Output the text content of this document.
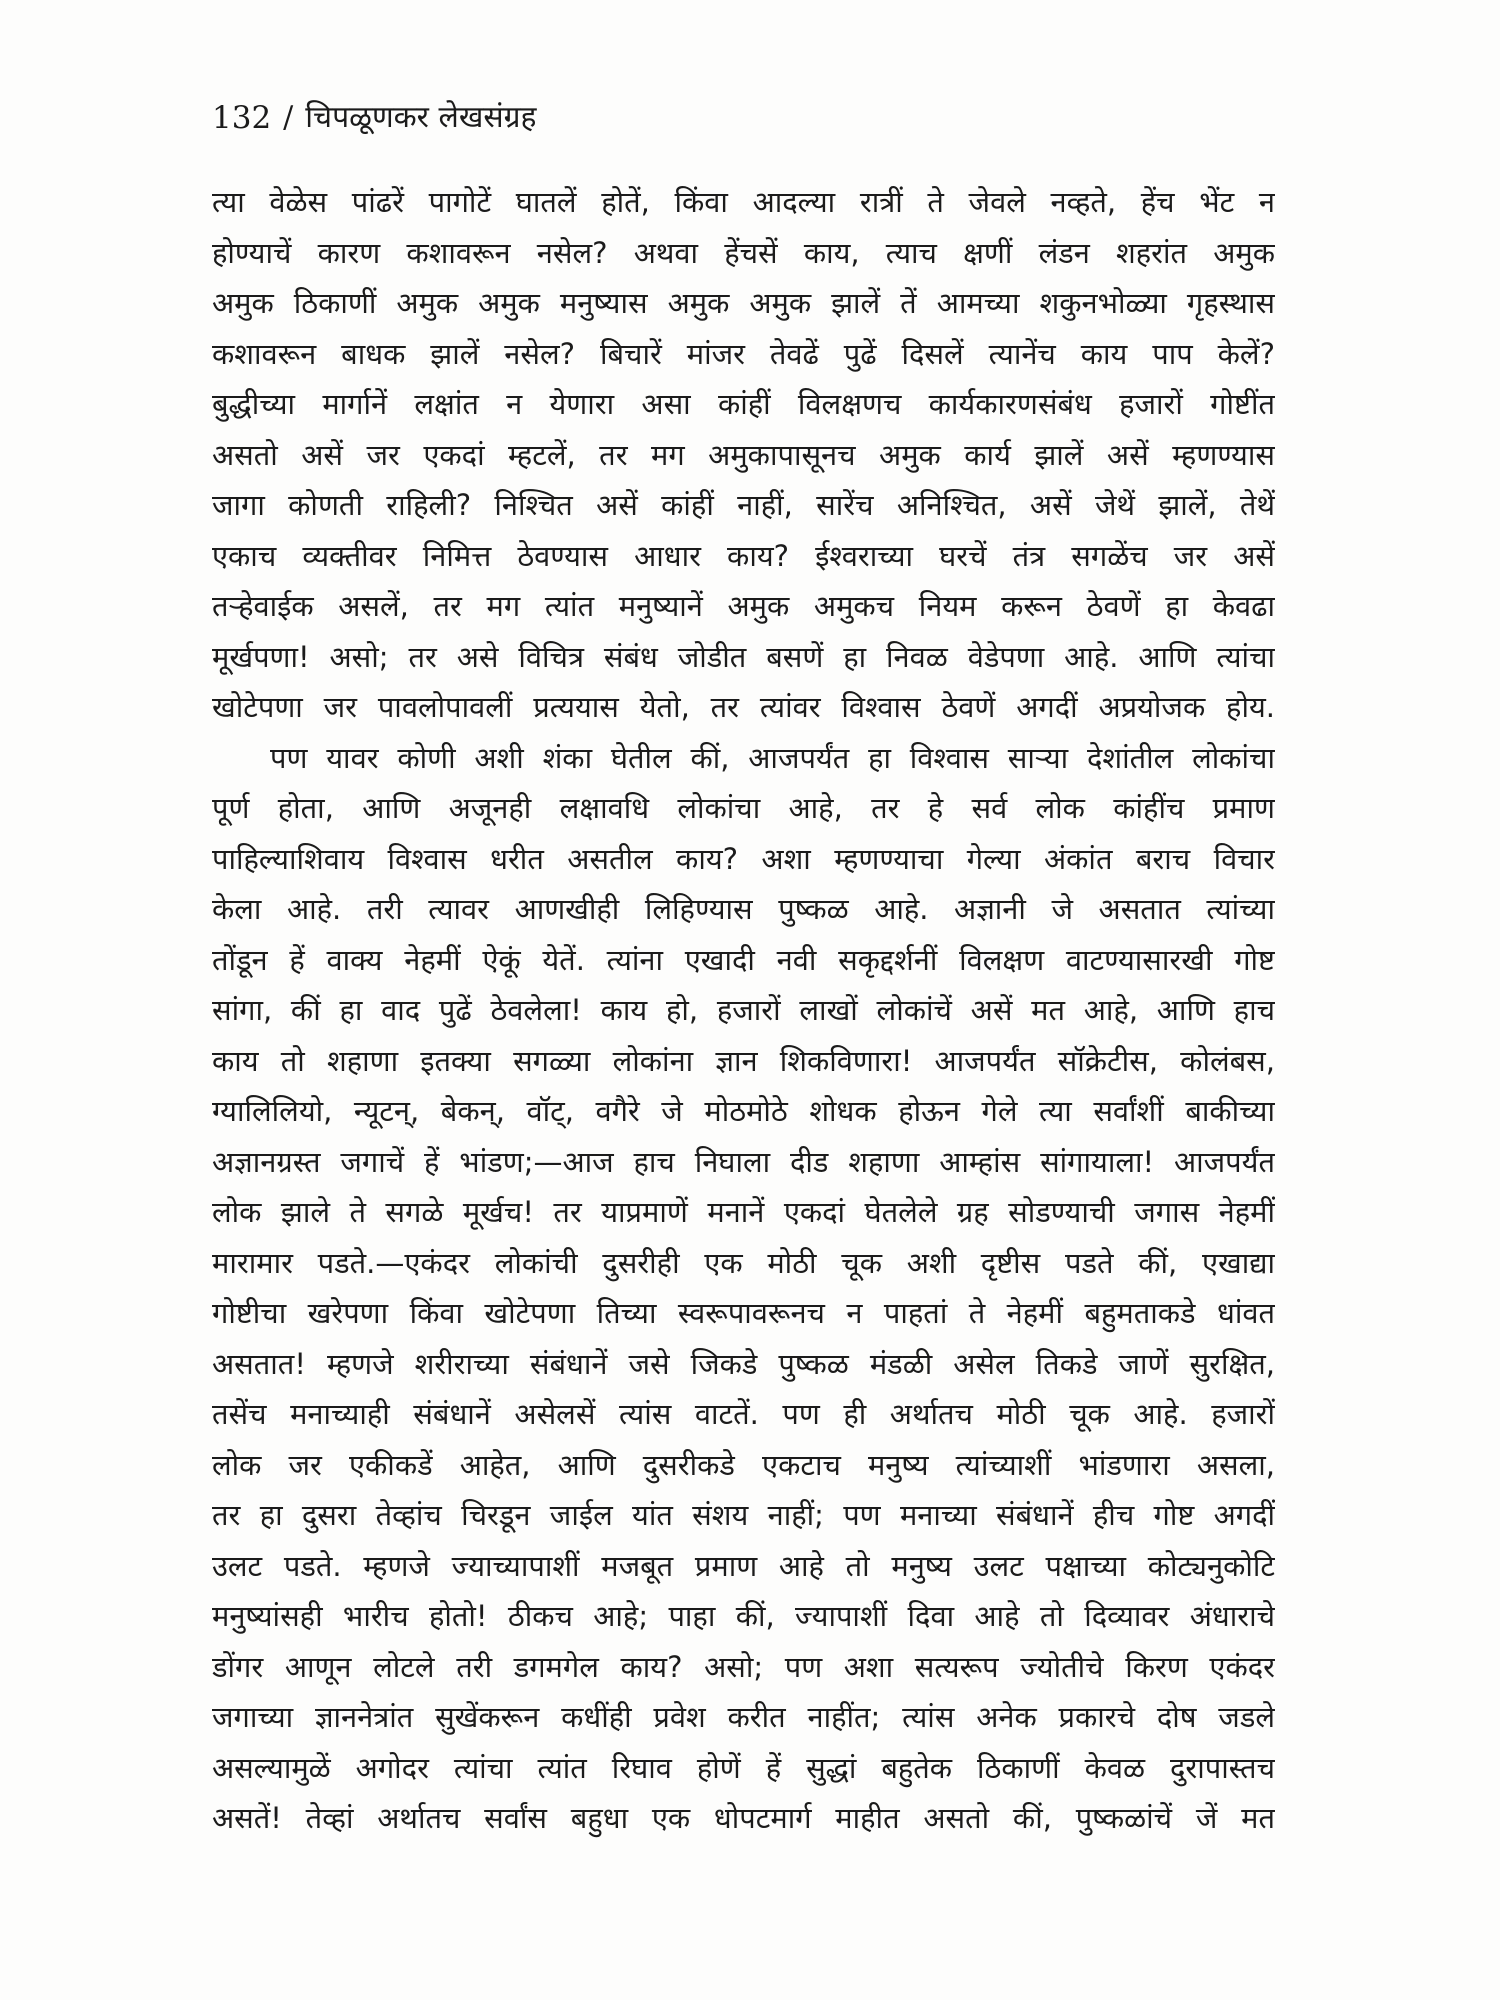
132 / चिपळूणकर लेखसंग्रह
त्या वेळेस पांढरें पागोटें घातलें होतें, किंवा आदल्या रात्रीं ते जेवले नव्हते, हेंच भेंट न
होण्याचें कारण कशावरून नसेल? अथवा हेंचसें काय, त्याच क्षणीं लंडन शहरांत अमुक
अमुक ठिकाणीं अमुक अमुक मनुष्यास अमुक अमुक झालें तें आमच्या शकुनभोळ्या गृहस्थास
कशावरून बाधक झालें नसेल? बिचारें मांजर तेवढें पुढें दिसलें त्यानेंच काय पाप केलें?
बुद्धीच्या मार्गानें लक्षांत न येणारा असा कांहीं विलक्षणच कार्यकारणसंबंध हजारों गोष्टींत
असतो असें जर एकदां म्हटलें, तर मग अमुकापासूनच अमुक कार्य झालें असें म्हणण्यास
जागा कोणती राहिली? निश्चित असें कांहीं नाहीं, सारेंच अनिश्चित, असें जेथें झालें, तेथें
एकाच व्यक्तीवर निमित्त ठेवण्यास आधार काय? ईश्वराच्या घरचें तंत्र सगळेंच जर असें
तऱ्हेवाईक असलें, तर मग त्यांत मनुष्यानें अमुक अमुकच नियम करून ठेवणें हा केवढा
मूर्खपणा! असो; तर असे विचित्र संबंध जोडीत बसणें हा निवळ वेडेपणा आहे. आणि त्यांचा
खोटेपणा जर पावलोपावलीं प्रत्ययास येतो, तर त्यांवर विश्वास ठेवणें अगदीं अप्रयोजक होय.
पण यावर कोणी अशी शंका घेतील कीं, आजपर्यंत हा विश्वास साऱ्या देशांतील लोकांचा
पूर्ण होता, आणि अजूनही लक्षावधि लोकांचा आहे, तर हे सर्व लोक कांहींच प्रमाण
पाहिल्याशिवाय विश्वास धरीत असतील काय? अशा म्हणण्याचा गेल्या अंकांत बराच विचार
केला आहे. तरी त्यावर आणखीही लिहिण्यास पुष्कळ आहे. अज्ञानी जे असतात त्यांच्या
तोंडून हें वाक्य नेहमीं ऐकूं येतें. त्यांना एखादी नवी सकृद्दर्शनीं विलक्षण वाटण्यासारखी गोष्ट
सांगा, कीं हा वाद पुढें ठेवलेला! काय हो, हजारों लाखों लोकांचें असें मत आहे, आणि हाच
काय तो शहाणा इतक्या सगळ्या लोकांना ज्ञान शिकविणारा! आजपर्यंत सॉक्रेटीस, कोलंबस,
ग्यालिलियो, न्यूटन्, बेकन्, वॉट्, वगैरे जे मोठमोठे शोधक होऊन गेले त्या सर्वांशीं बाकीच्या
अज्ञानग्रस्त जगाचें हें भांडण;—आज हाच निघाला दीड शहाणा आम्हांस सांगायाला! आजपर्यंत
लोक झाले ते सगळे मूर्खच! तर याप्रमाणें मनानें एकदां घेतलेले ग्रह सोडण्याची जगास नेहमीं
मारामार पडते.—एकंदर लोकांची दुसरीही एक मोठी चूक अशी दृष्टीस पडते कीं, एखाद्या
गोष्टीचा खरेपणा किंवा खोटेपणा तिच्या स्वरूपावरूनच न पाहतां ते नेहमीं बहुमताकडे धांवत
असतात! म्हणजे शरीराच्या संबंधानें जसे जिकडे पुष्कळ मंडळी असेल तिकडे जाणें सुरक्षित,
तसेंच मनाच्याही संबंधानें असेलसें त्यांस वाटतें. पण ही अर्थातच मोठी चूक आहे. हजारों
लोक जर एकीकडें आहेत, आणि दुसरीकडे एकटाच मनुष्य त्यांच्याशीं भांडणारा असला,
तर हा दुसरा तेव्हांच चिरडून जाईल यांत संशय नाहीं; पण मनाच्या संबंधानें हीच गोष्ट अगदीं
उलट पडते. म्हणजे ज्याच्यापाशीं मजबूत प्रमाण आहे तो मनुष्य उलट पक्षाच्या कोट्यनुकोटि
मनुष्यांसही भारीच होतो! ठीकच आहे; पाहा कीं, ज्यापाशीं दिवा आहे तो दिव्यावर अंधाराचे
डोंगर आणून लोटले तरी डगमगेल काय? असो; पण अशा सत्यरूप ज्योतीचे किरण एकंदर
जगाच्या ज्ञाननेत्रांत सुखेंकरून कधींही प्रवेश करीत नाहींत; त्यांस अनेक प्रकारचे दोष जडले
असल्यामुळें अगोदर त्यांचा त्यांत रिघाव होणें हें सुद्धां बहुतेक ठिकाणीं केवळ दुरापास्तच
असतें! तेव्हां अर्थातच सर्वांस बहुधा एक धोपटमार्ग माहीत असतो कीं, पुष्कळांचें जें मत
